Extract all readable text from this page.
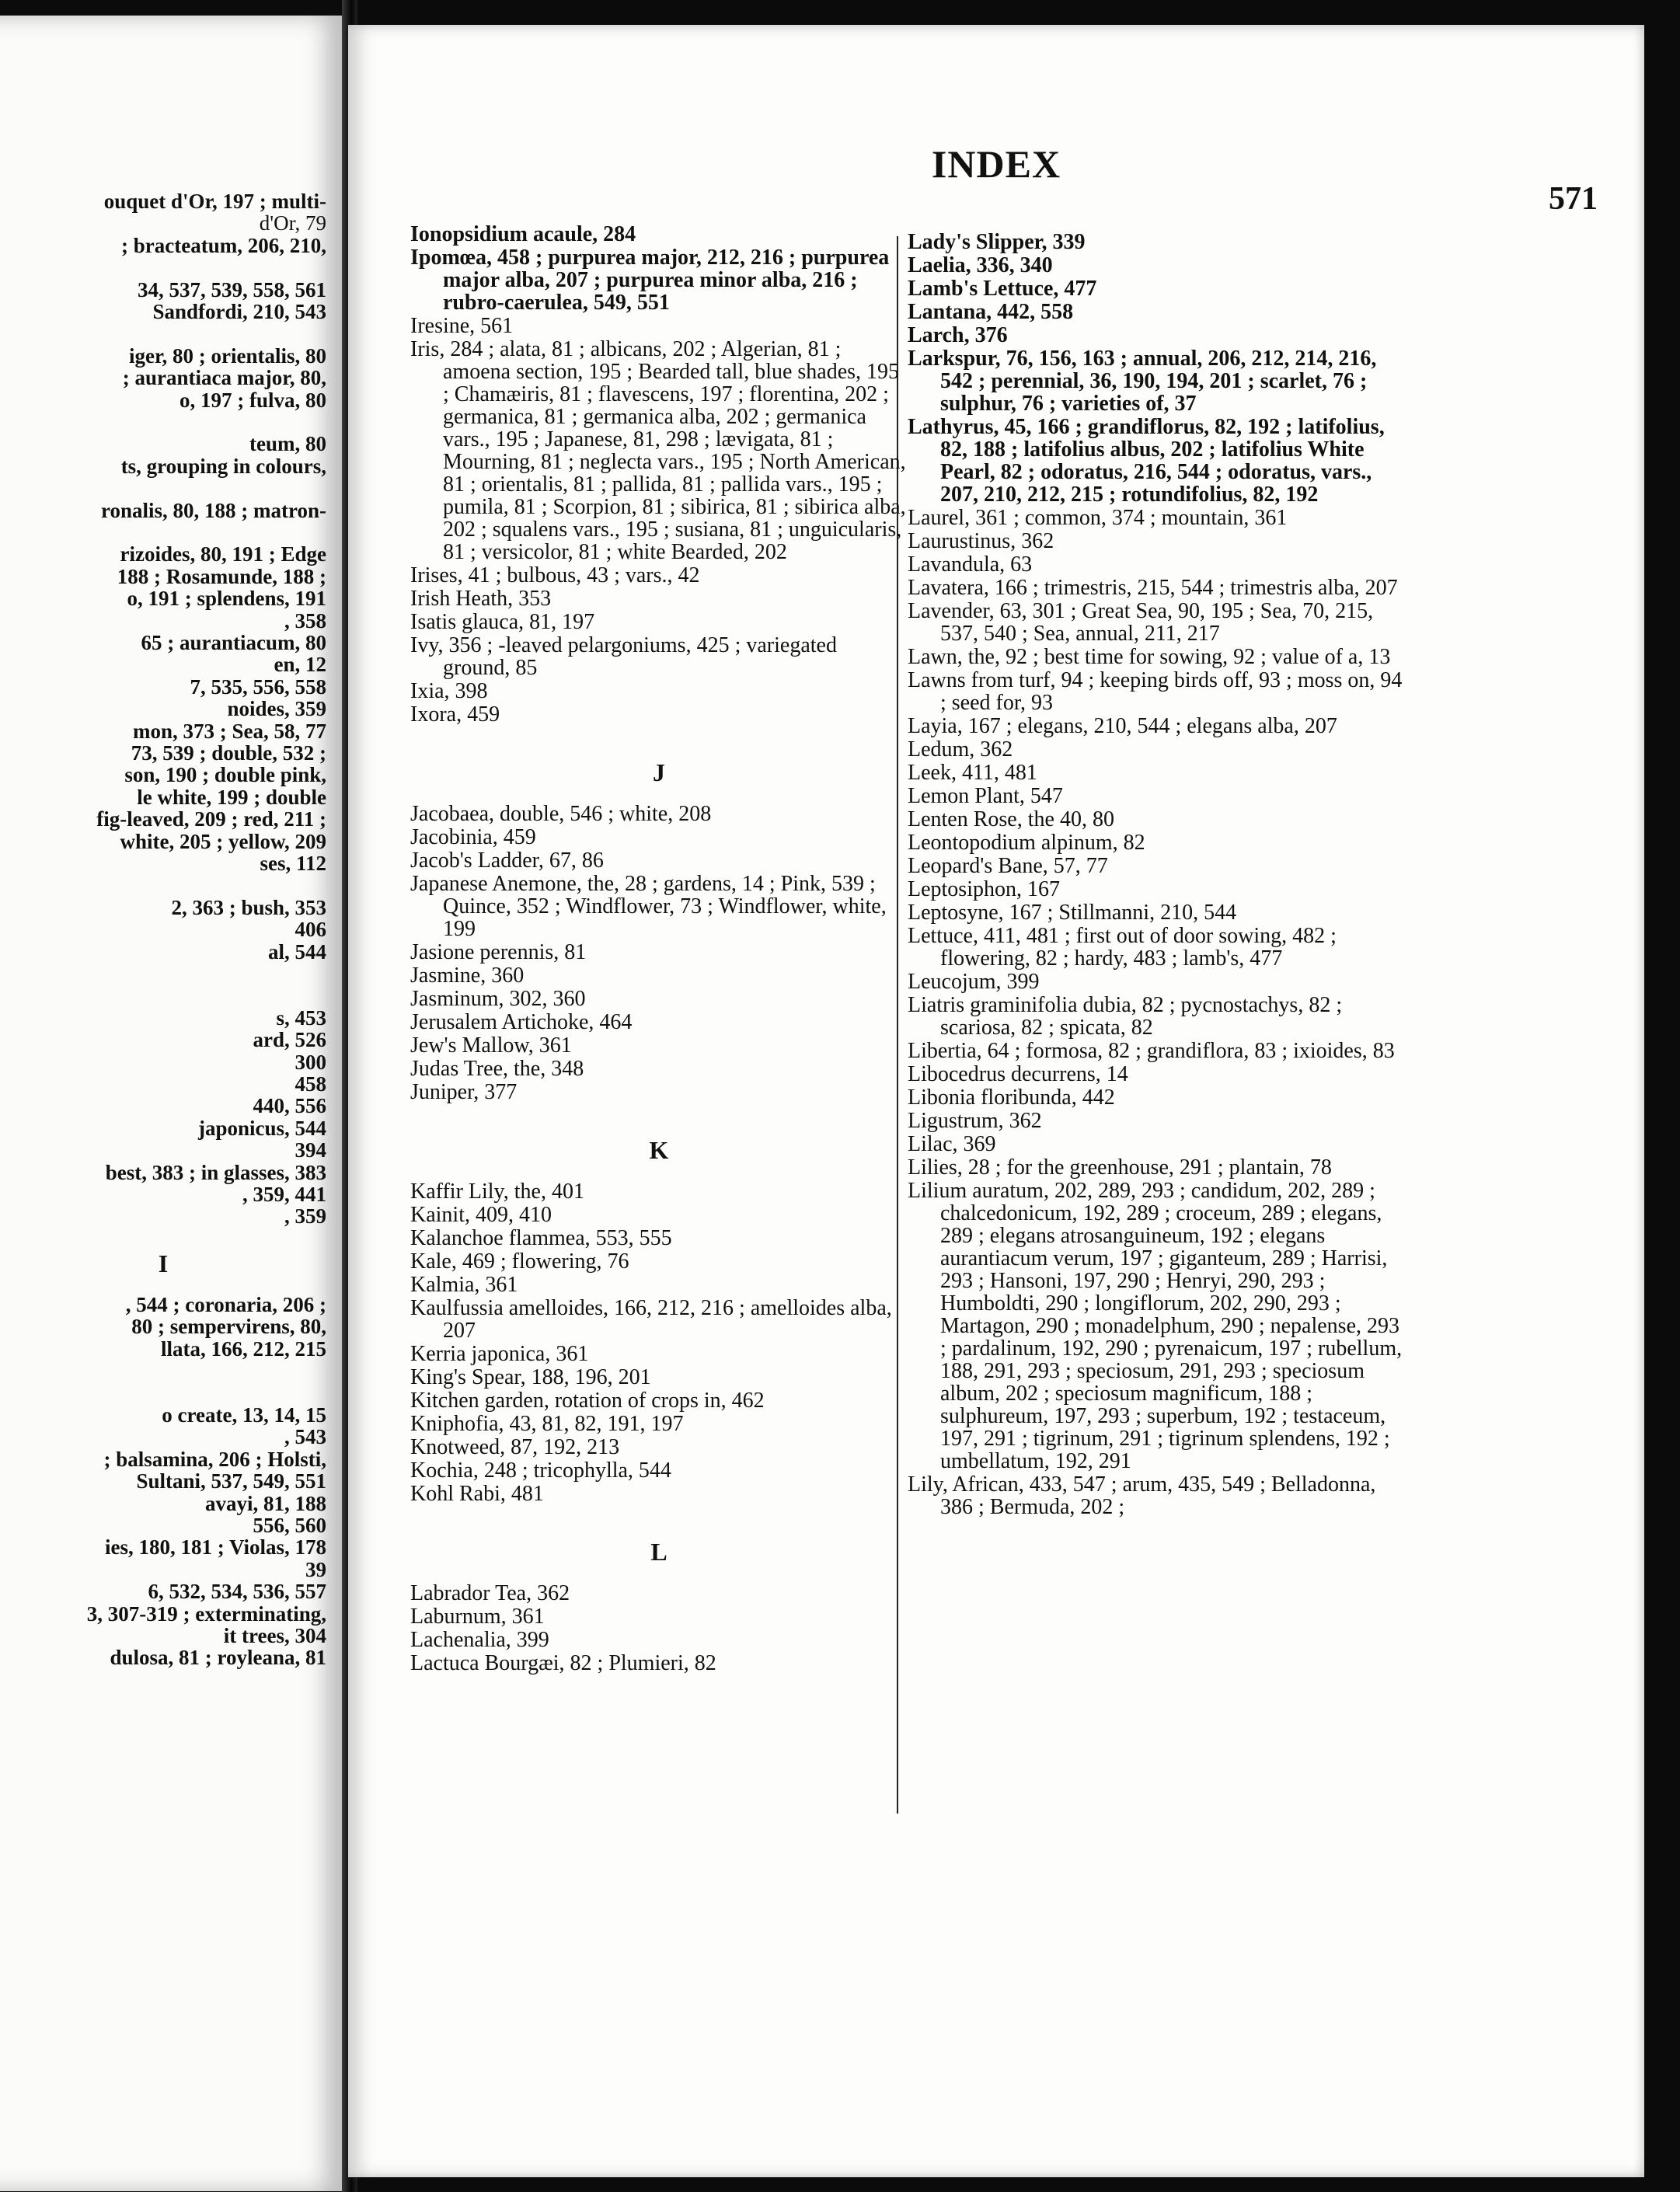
ouquet d'Or, 197 ; multi-
d'Or, 79
; bracteatum, 206, 210,
34, 537, 539, 558, 561
Sandfordi, 210, 543
iger, 80 ; orientalis, 80
; aurantiaca major, 80,
o, 197 ; fulva, 80
teum, 80
ts, grouping in colours,
ronalis, 80, 188 ; matron-
rizoides, 80, 191 ; Edge
188 ; Rosamunde, 188 ;
o, 191 ; splendens, 191
, 358
65 ; aurantiacum, 80
en, 12
7, 535, 556, 558
noides, 359
mon, 373 ; Sea, 58, 77
73, 539 ; double, 532 ;
son, 190 ; double pink,
le white, 199 ; double
fig-leaved, 209 ; red, 211 ;
white, 205 ; yellow, 209
ses, 112
2, 363 ; bush, 353
406
al, 544
s, 453
ard, 526
300
458
440, 556
japonicus, 544
394
best, 383 ; in glasses, 383
, 359, 441
, 359
I
, 544 ; coronaria, 206 ;
80 ; sempervirens, 80,
llata, 166, 212, 215
o create, 13, 14, 15
, 543
; balsamina, 206 ; Holsti,
Sultani, 537, 549, 551
avayi, 81, 188
556, 560
ies, 180, 181 ; Violas, 178
39
6, 532, 534, 536, 557
3, 307-319 ; exterminating,
it trees, 304
dulosa, 81 ; royleana, 81
INDEX
571
Ionopsidium acaule, 284
Ipomœa, 458 ; purpurea major, 212, 216 ; purpurea major alba, 207 ; purpurea minor alba, 216 ; rubro-caerulea, 549, 551
Iresine, 561
Iris, 284 ; alata, 81 ; albicans, 202 ; Algerian, 81 ; amoena section, 195 ; Bearded tall, blue shades, 195 ; Chamæiris, 81 ; flavescens, 197 ; florentina, 202 ; germanica, 81 ; germanica alba, 202 ; germanica vars., 195 ; Japanese, 81, 298 ; lævigata, 81 ; Mourning, 81 ; neglecta vars., 195 ; North American, 81 ; orientalis, 81 ; pallida, 81 ; pallida vars., 195 ; pumila, 81 ; Scorpion, 81 ; sibirica, 81 ; sibirica alba, 202 ; squalens vars., 195 ; susiana, 81 ; unguicularis, 81 ; versicolor, 81 ; white Bearded, 202
Irises, 41 ; bulbous, 43 ; vars., 42
Irish Heath, 353
Isatis glauca, 81, 197
Ivy, 356 ; -leaved pelargoniums, 425 ; variegated ground, 85
Ixia, 398
Ixora, 459
J
Jacobaea, double, 546 ; white, 208
Jacobinia, 459
Jacob's Ladder, 67, 86
Japanese Anemone, the, 28 ; gardens, 14 ; Pink, 539 ; Quince, 352 ; Windflower, 73 ; Windflower, white, 199
Jasione perennis, 81
Jasmine, 360
Jasminum, 302, 360
Jerusalem Artichoke, 464
Jew's Mallow, 361
Judas Tree, the, 348
Juniper, 377
K
Kaffir Lily, the, 401
Kainit, 409, 410
Kalanchoe flammea, 553, 555
Kale, 469 ; flowering, 76
Kalmia, 361
Kaulfussia amelloides, 166, 212, 216 ; amelloides alba, 207
Kerria japonica, 361
King's Spear, 188, 196, 201
Kitchen garden, rotation of crops in, 462
Kniphofia, 43, 81, 82, 191, 197
Knotweed, 87, 192, 213
Kochia, 248 ; tricophylla, 544
Kohl Rabi, 481
L
Labrador Tea, 362
Laburnum, 361
Lachenalia, 399
Lactuca Bourgæi, 82 ; Plumieri, 82
Lady's Slipper, 339
Laelia, 336, 340
Lamb's Lettuce, 477
Lantana, 442, 558
Larch, 376
Larkspur, 76, 156, 163 ; annual, 206, 212, 214, 216, 542 ; perennial, 36, 190, 194, 201 ; scarlet, 76 ; sulphur, 76 ; varieties of, 37
Lathyrus, 45, 166 ; grandiflorus, 82, 192 ; latifolius, 82, 188 ; latifolius albus, 202 ; latifolius White Pearl, 82 ; odoratus, 216, 544 ; odoratus, vars., 207, 210, 212, 215 ; rotundifolius, 82, 192
Laurel, 361 ; common, 374 ; mountain, 361
Laurustinus, 362
Lavandula, 63
Lavatera, 166 ; trimestris, 215, 544 ; trimestris alba, 207
Lavender, 63, 301 ; Great Sea, 90, 195 ; Sea, 70, 215, 537, 540 ; Sea, annual, 211, 217
Lawn, the, 92 ; best time for sowing, 92 ; value of a, 13
Lawns from turf, 94 ; keeping birds off, 93 ; moss on, 94 ; seed for, 93
Layia, 167 ; elegans, 210, 544 ; elegans alba, 207
Ledum, 362
Leek, 411, 481
Lemon Plant, 547
Lenten Rose, the 40, 80
Leontopodium alpinum, 82
Leopard's Bane, 57, 77
Leptosiphon, 167
Leptosyne, 167 ; Stillmanni, 210, 544
Lettuce, 411, 481 ; first out of door sowing, 482 ; flowering, 82 ; hardy, 483 ; lamb's, 477
Leucojum, 399
Liatris graminifolia dubia, 82 ; pycnostachys, 82 ; scariosa, 82 ; spicata, 82
Libertia, 64 ; formosa, 82 ; grandiflora, 83 ; ixioides, 83
Libocedrus decurrens, 14
Libonia floribunda, 442
Ligustrum, 362
Lilac, 369
Lilies, 28 ; for the greenhouse, 291 ; plantain, 78
Lilium auratum, 202, 289, 293 ; candidum, 202, 289 ; chalcedonicum, 192, 289 ; croceum, 289 ; elegans, 289 ; elegans atrosanguineum, 192 ; elegans aurantiacum verum, 197 ; giganteum, 289 ; Harrisi, 293 ; Hansoni, 197, 290 ; Henryi, 290, 293 ; Humboldti, 290 ; longiflorum, 202, 290, 293 ; Martagon, 290 ; monadelphum, 290 ; nepalense, 293 ; pardalinum, 192, 290 ; pyrenaicum, 197 ; rubellum, 188, 291, 293 ; speciosum, 291, 293 ; speciosum album, 202 ; speciosum magnificum, 188 ; sulphureum, 197, 293 ; superbum, 192 ; testaceum, 197, 291 ; tigrinum, 291 ; tigrinum splendens, 192 ; umbellatum, 192, 291
Lily, African, 433, 547 ; arum, 435, 549 ; Belladonna, 386 ; Bermuda, 202 ;
